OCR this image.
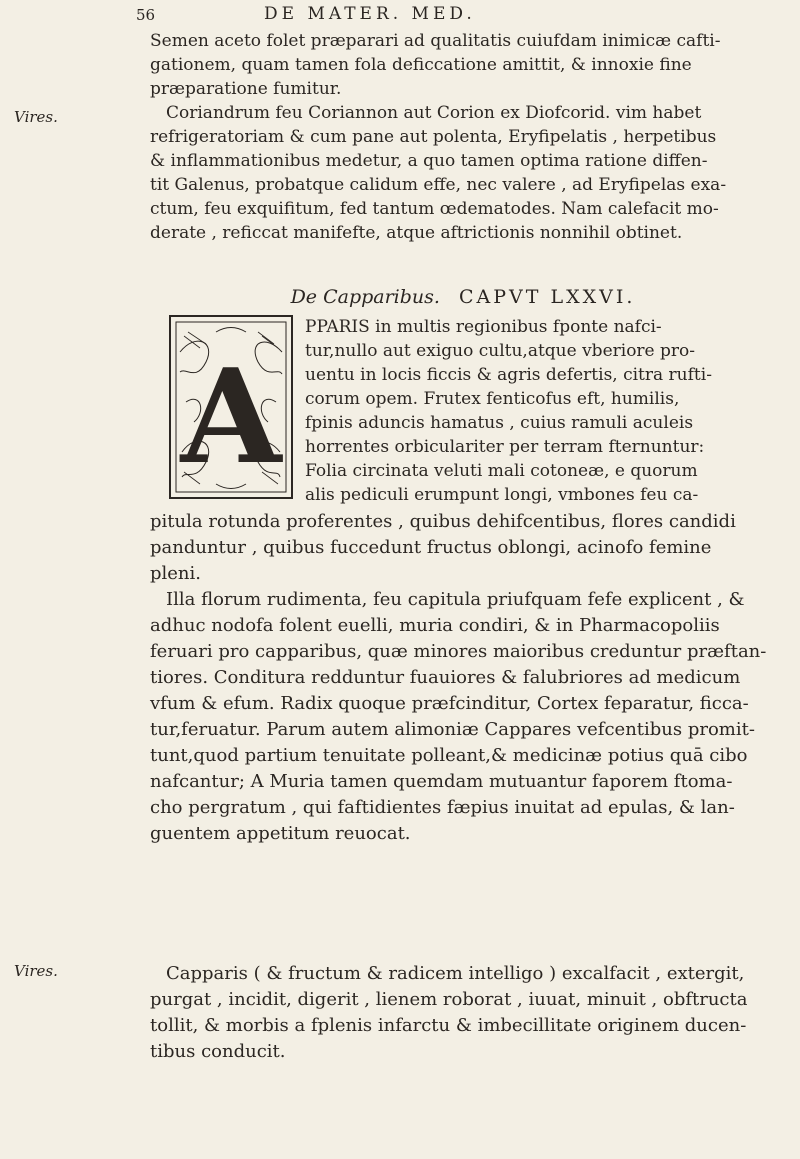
56	DE MATER. MED.
Vires.
Vires.
Semen aceto folet præparari ad qualitatis cuiufdam inimicæ cafti-
gationem, quam tamen fola deficcatione amittit, & innoxie fine
præparatione fumitur.
Coriandrum feu Coriannon aut Corion ex Diofcorid. vim habet
refrigeratoriam & cum pane aut polenta, Eryfipelatis , herpetibus
& inflammationibus medetur, a quo tamen optima ratione diffen-
tit Galenus, probatque calidum effe, nec valere , ad Eryfipelas exa-
ctum, feu exquifitum, fed tantum œdematodes. Nam calefacit mo-
derate , reficcat manifefte, atque aftrictionis nonnihil obtinet.
De Capparibus. CAPVT LXXVI.
A
PPARIS in multis regionibus fponte nafci-
tur,nullo aut exiguo cultu,atque vberiore pro-
uentu in locis ficcis & agris defertis, citra rufti-
corum opem. Frutex fenticofus eft, humilis,
fpinis aduncis hamatus , cuius ramuli aculeis
horrentes orbiculariter per terram fternuntur:
Folia circinata veluti mali cotoneæ, e quorum
alis pediculi erumpunt longi, vmbones feu ca-
pitula rotunda proferentes , quibus dehifcentibus, flores candidi
panduntur , quibus fuccedunt fructus oblongi, acinofo femine
pleni.
Illa florum rudimenta, feu capitula priufquam fefe explicent , &
adhuc nodofa folent euelli, muria condiri, & in Pharmacopoliis
feruari pro capparibus, quæ minores maioribus creduntur præftan-
tiores. Conditura redduntur fuauiores & falubriores ad medicum
vfum & efum. Radix quoque præfcinditur, Cortex feparatur, ficca-
tur,feruatur. Parum autem alimoniæ Cappares vefcentibus promit-
tunt,quod partium tenuitate polleant,& medicinæ potius quā cibo
nafcantur; A Muria tamen quemdam mutuantur faporem ftoma-
cho pergratum , qui faftidientes fæpius inuitat ad epulas, & lan-
guentem appetitum reuocat.
Capparis ( & fructum & radicem intelligo ) excalfacit , extergit,
purgat , incidit, digerit , lienem roborat , iuuat, minuit , obftructa
tollit, & morbis a fplenis infarctu & imbecillitate originem ducen-
tibus conducit.
